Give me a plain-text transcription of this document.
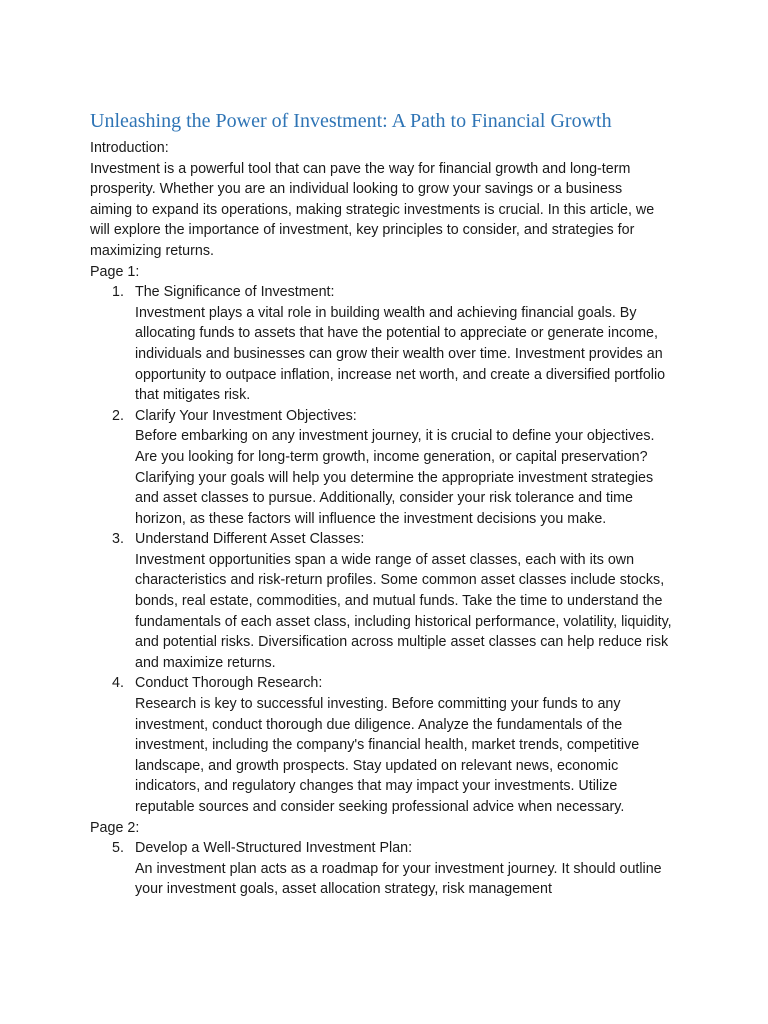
Unleashing the Power of Investment: A Path to Financial Growth

Introduction:

Investment is a powerful tool that can pave the way for financial growth and long-term prosperity. Whether you are an individual looking to grow your savings or a business aiming to expand its operations, making strategic investments is crucial. In this article, we will explore the importance of investment, key principles to consider, and strategies for maximizing returns.

Page 1:

1. The Significance of Investment:

Investment plays a vital role in building wealth and achieving financial goals. By allocating funds to assets that have the potential to appreciate or generate income, individuals and businesses can grow their wealth over time. Investment provides an opportunity to outpace inflation, increase net worth, and create a diversified portfolio that mitigates risk.

2. Clarify Your Investment Objectives:

Before embarking on any investment journey, it is crucial to define your objectives. Are you looking for long-term growth, income generation, or capital preservation? Clarifying your goals will help you determine the appropriate investment strategies and asset classes to pursue. Additionally, consider your risk tolerance and time horizon, as these factors will influence the investment decisions you make.

3. Understand Different Asset Classes:

Investment opportunities span a wide range of asset classes, each with its own characteristics and risk-return profiles. Some common asset classes include stocks, bonds, real estate, commodities, and mutual funds. Take the time to understand the fundamentals of each asset class, including historical performance, volatility, liquidity, and potential risks. Diversification across multiple asset classes can help reduce risk and maximize returns.

4. Conduct Thorough Research:

Research is key to successful investing. Before committing your funds to any investment, conduct thorough due diligence. Analyze the fundamentals of the investment, including the company's financial health, market trends, competitive landscape, and growth prospects. Stay updated on relevant news, economic indicators, and regulatory changes that may impact your investments. Utilize reputable sources and consider seeking professional advice when necessary.

Page 2:

5. Develop a Well-Structured Investment Plan:

An investment plan acts as a roadmap for your investment journey. It should outline your investment goals, asset allocation strategy, risk management
